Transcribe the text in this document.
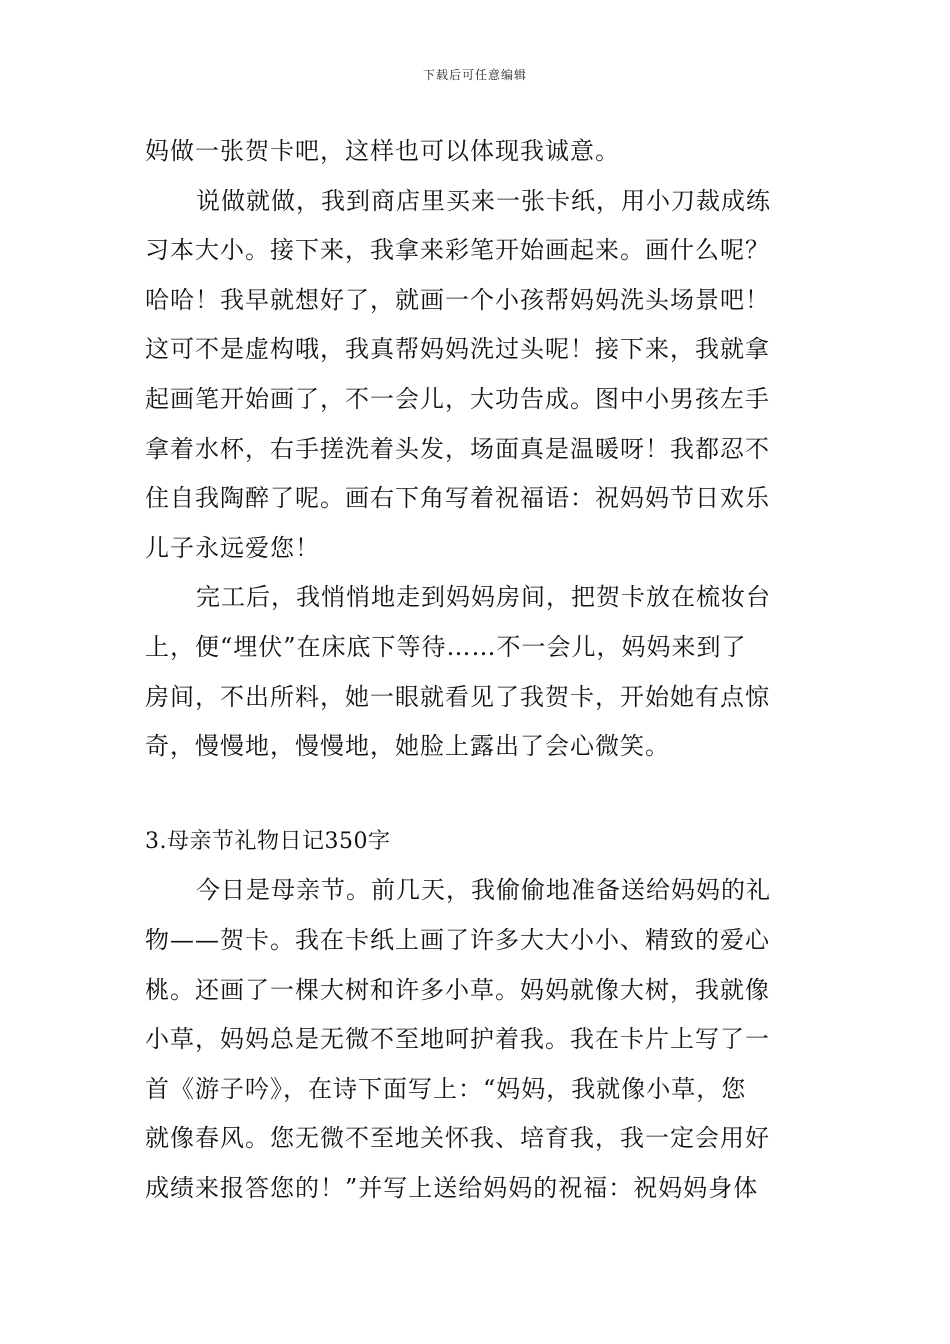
下载后可任意编辑
妈做一张贺卡吧，这样也可以体现我诚意。
说做就做，我到商店里买来一张卡纸，用小刀裁成练
习本大小。接下来，我拿来彩笔开始画起来。画什么呢？
哈哈！我早就想好了，就画一个小孩帮妈妈洗头场景吧！
这可不是虚构哦，我真帮妈妈洗过头呢！接下来，我就拿
起画笔开始画了，不一会儿，大功告成。图中小男孩左手
拿着水杯，右手搓洗着头发，场面真是温暖呀！我都忍不
住自我陶醉了呢。画右下角写着祝福语：祝妈妈节日欢乐
儿子永远爱您！
完工后，我悄悄地走到妈妈房间，把贺卡放在梳妆台
上，便“埋伏”在床底下等待……不一会儿，妈妈来到了
房间，不出所料，她一眼就看见了我贺卡，开始她有点惊
奇，慢慢地，慢慢地，她脸上露出了会心微笑。
3.母亲节礼物日记350字
今日是母亲节。前几天，我偷偷地准备送给妈妈的礼
物——贺卡。我在卡纸上画了许多大大小小、精致的爱心
桃。还画了一棵大树和许多小草。妈妈就像大树，我就像
小草，妈妈总是无微不至地呵护着我。我在卡片上写了一
首《游子吟》，在诗下面写上：“妈妈，我就像小草，您
就像春风。您无微不至地关怀我、培育我，我一定会用好
成绩来报答您的！”并写上送给妈妈的祝福：祝妈妈身体
